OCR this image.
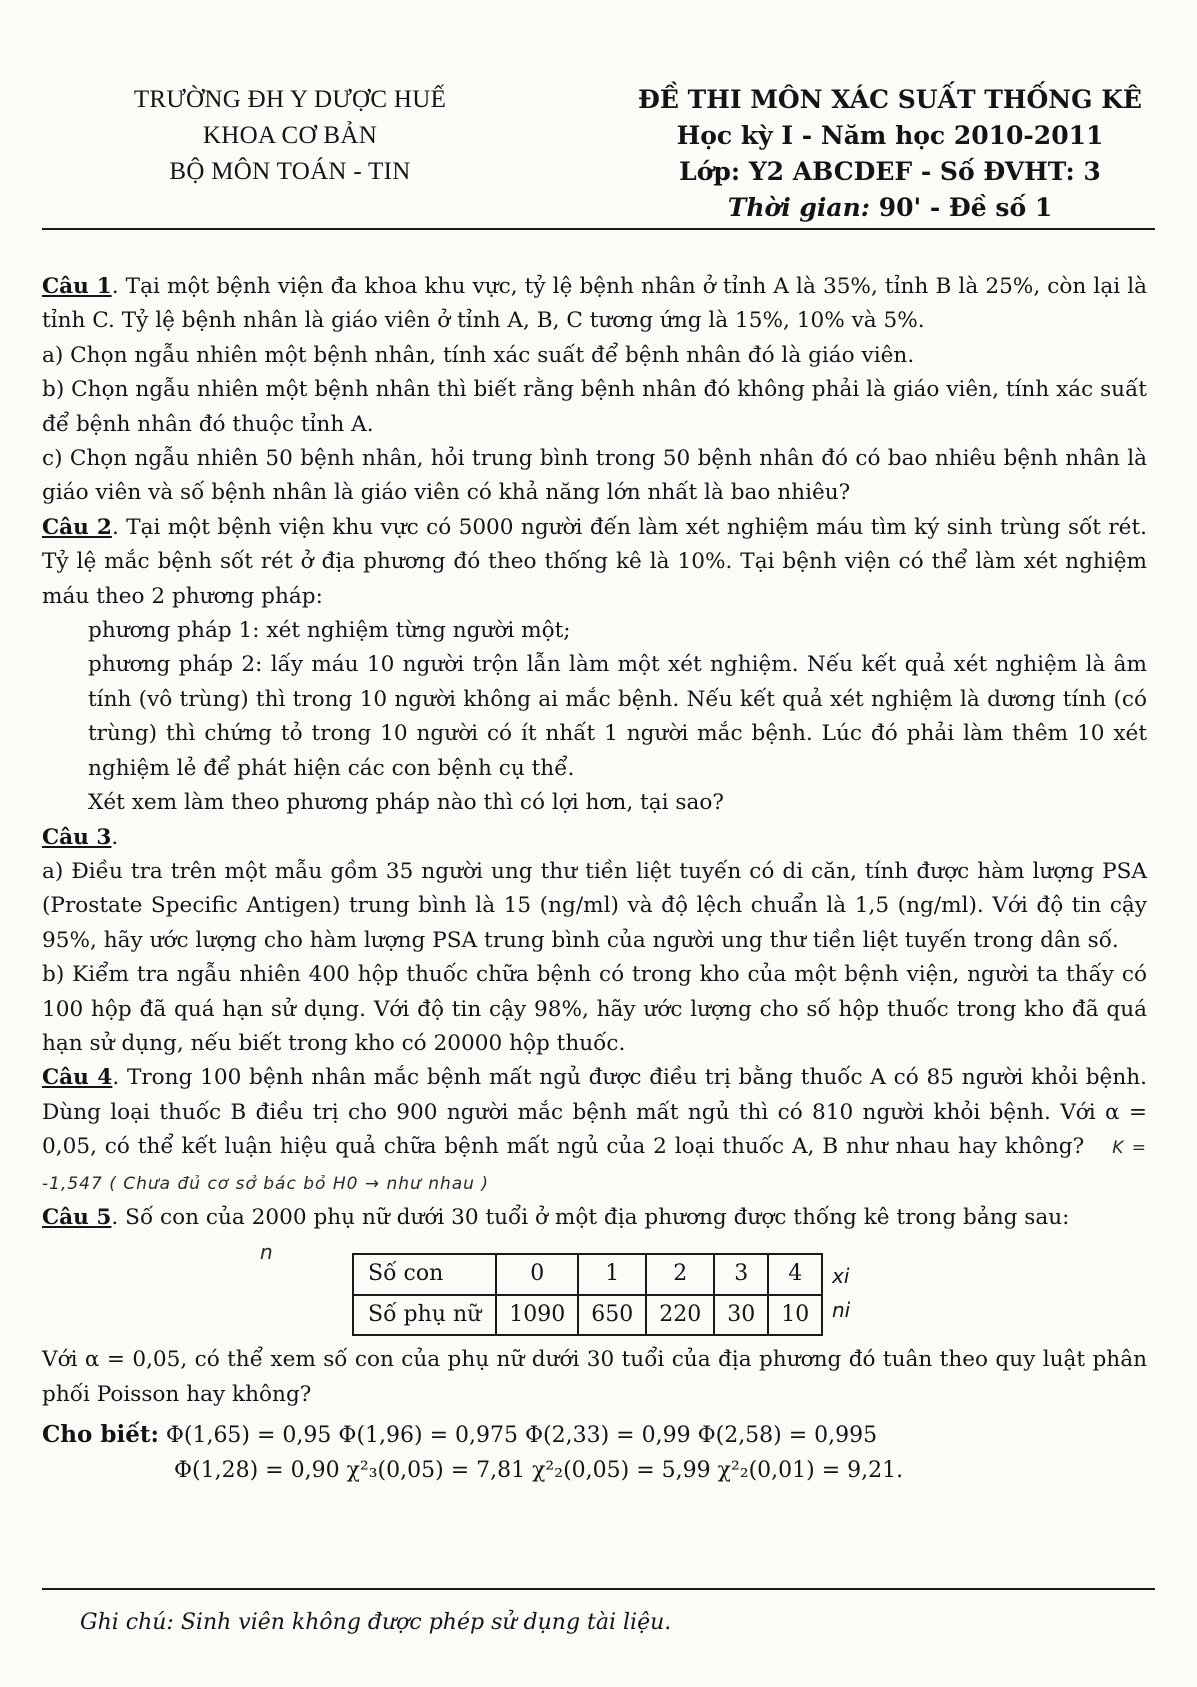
TRƯỜNG ĐH Y DƯỢC HUẾ
KHOA CƠ BẢN
BỘ MÔN TOÁN - TIN
ĐỀ THI MÔN XÁC SUẤT THỐNG KÊ
Học kỳ I - Năm học 2010-2011
Lớp: Y2 ABCDEF - Số ĐVHT: 3
Thời gian: 90' - Đề số 1

Câu 1. Tại một bệnh viện đa khoa khu vực, tỷ lệ bệnh nhân ở tỉnh A là 35%, tỉnh B là 25%, còn lại là tỉnh C. Tỷ lệ bệnh nhân là giáo viên ở tỉnh A, B, C tương ứng là 15%, 10% và 5%.

a) Chọn ngẫu nhiên một bệnh nhân, tính xác suất để bệnh nhân đó là giáo viên.

b) Chọn ngẫu nhiên một bệnh nhân thì biết rằng bệnh nhân đó không phải là giáo viên, tính xác suất để bệnh nhân đó thuộc tỉnh A.

c) Chọn ngẫu nhiên 50 bệnh nhân, hỏi trung bình trong 50 bệnh nhân đó có bao nhiêu bệnh nhân là giáo viên và số bệnh nhân là giáo viên có khả năng lớn nhất là bao nhiêu?

Câu 2. Tại một bệnh viện khu vực có 5000 người đến làm xét nghiệm máu tìm ký sinh trùng sốt rét. Tỷ lệ mắc bệnh sốt rét ở địa phương đó theo thống kê là 10%. Tại bệnh viện có thể làm xét nghiệm máu theo 2 phương pháp:

phương pháp 1: xét nghiệm từng người một;

phương pháp 2: lấy máu 10 người trộn lẫn làm một xét nghiệm. Nếu kết quả xét nghiệm là âm tính (vô trùng) thì trong 10 người không ai mắc bệnh. Nếu kết quả xét nghiệm là dương tính (có trùng) thì chứng tỏ trong 10 người có ít nhất 1 người mắc bệnh. Lúc đó phải làm thêm 10 xét nghiệm lẻ để phát hiện các con bệnh cụ thể.

Xét xem làm theo phương pháp nào thì có lợi hơn, tại sao?

Câu 3.

a) Điều tra trên một mẫu gồm 35 người ung thư tiền liệt tuyến có di căn, tính được hàm lượng PSA (Prostate Specific Antigen) trung bình là 15 (ng/ml) và độ lệch chuẩn là 1,5 (ng/ml). Với độ tin cậy 95%, hãy ước lượng cho hàm lượng PSA trung bình của người ung thư tiền liệt tuyến trong dân số.

b) Kiểm tra ngẫu nhiên 400 hộp thuốc chữa bệnh có trong kho của một bệnh viện, người ta thấy có 100 hộp đã quá hạn sử dụng. Với độ tin cậy 98%, hãy ước lượng cho số hộp thuốc trong kho đã quá hạn sử dụng, nếu biết trong kho có 20000 hộp thuốc.

Câu 4. Trong 100 bệnh nhân mắc bệnh mất ngủ được điều trị bằng thuốc A có 85 người khỏi bệnh. Dùng loại thuốc B điều trị cho 900 người mắc bệnh mất ngủ thì có 810 người khỏi bệnh. Với α = 0,05, có thể kết luận hiệu quả chữa bệnh mất ngủ của 2 loại thuốc A, B như nhau hay không? K = -1,547 ( Chưa đủ cơ sở bác bỏ H0 → như nhau )

Câu 5. Số con của 2000 phụ nữ dưới 30 tuổi ở một địa phương được thống kê trong bảng sau:
n

Số con	0	1	2	3	4
Số phụ nữ	1090	650	220	30	10
xi
ni

Với α = 0,05, có thể xem số con của phụ nữ dưới 30 tuổi của địa phương đó tuân theo quy luật phân phối Poisson hay không?

Cho biết: Φ(1,65) = 0,95 Φ(1,96) = 0,975 Φ(2,33) = 0,99 Φ(2,58) = 0,995

Φ(1,28) = 0,90 χ²₃(0,05) = 7,81 χ²₂(0,05) = 5,99 χ²₂(0,01) = 9,21.

Ghi chú: Sinh viên không được phép sử dụng tài liệu.
